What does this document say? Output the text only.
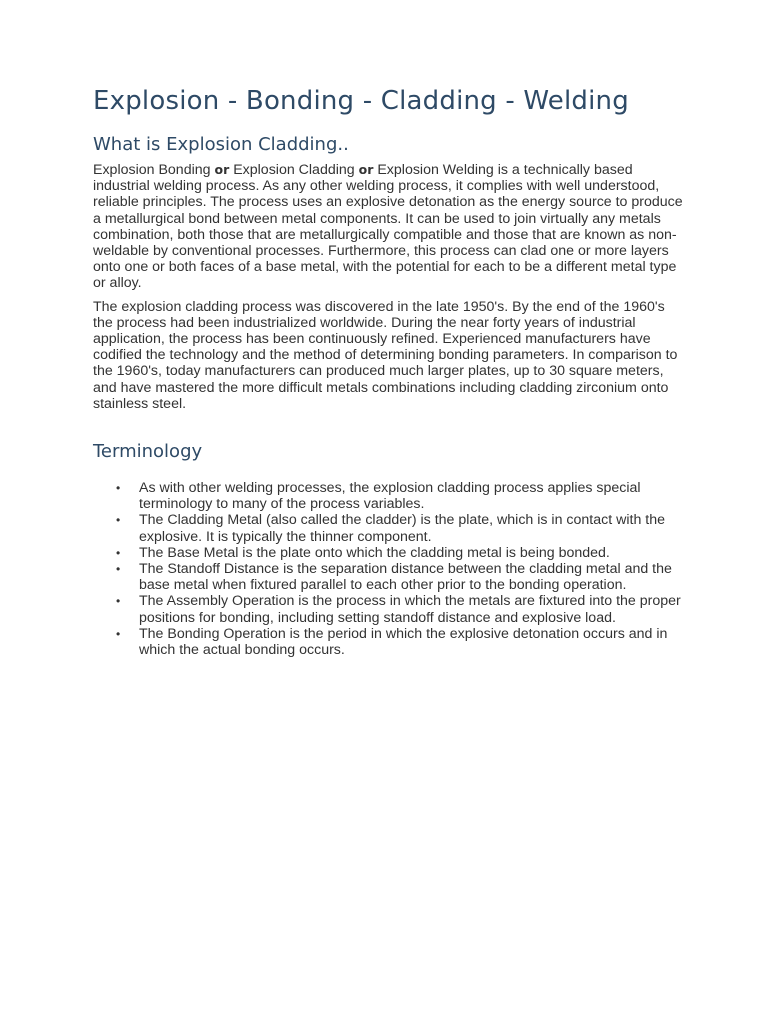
Explosion - Bonding - Cladding - Welding
What is Explosion Cladding..

Explosion Bonding or Explosion Cladding or Explosion Welding is a technically based industrial welding process. As any other welding process, it complies with well understood, reliable principles. The process uses an explosive detonation as the energy source to produce a metallurgical bond between metal components. It can be used to join virtually any metals combination, both those that are metallurgically compatible and those that are known as non-weldable by conventional processes. Furthermore, this process can clad one or more layers onto one or both faces of a base metal, with the potential for each to be a different metal type or alloy.

The explosion cladding process was discovered in the late 1950's. By the end of the 1960's the process had been industrialized worldwide. During the near forty years of industrial application, the process has been continuously refined. Experienced manufacturers have codified the technology and the method of determining bonding parameters. In comparison to the 1960's, today manufacturers can produced much larger plates, up to 30 square meters, and have mastered the more difficult metals combinations including cladding zirconium onto stainless steel.

Terminology
• As with other welding processes, the explosion cladding process applies special terminology to many of the process variables.
• The Cladding Metal (also called the cladder) is the plate, which is in contact with the explosive. It is typically the thinner component.
• The Base Metal is the plate onto which the cladding metal is being bonded.
• The Standoff Distance is the separation distance between the cladding metal and the base metal when fixtured parallel to each other prior to the bonding operation.
• The Assembly Operation is the process in which the metals are fixtured into the proper positions for bonding, including setting standoff distance and explosive load.
• The Bonding Operation is the period in which the explosive detonation occurs and in which the actual bonding occurs.
